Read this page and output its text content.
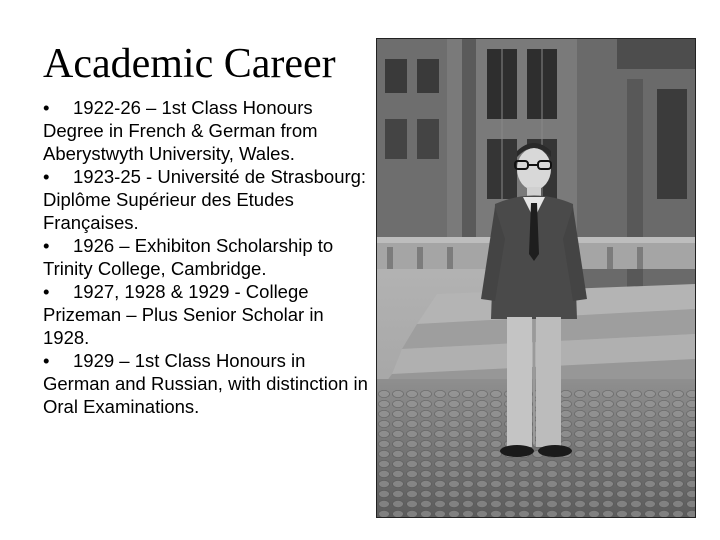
Academic Career
• 1922-26 – 1st Class Honours Degree in French & German from Aberystwyth University, Wales.
• 1923-25 - Université de Strasbourg: Diplôme Supérieur des Etudes Françaises.
• 1926 – Exhibiton Scholarship to Trinity College, Cambridge.
• 1927, 1928 & 1929 - College Prizeman – Plus Senior Scholar in 1928.
• 1929 – 1st Class Honours in German and Russian, with distinction in Oral Examinations.
